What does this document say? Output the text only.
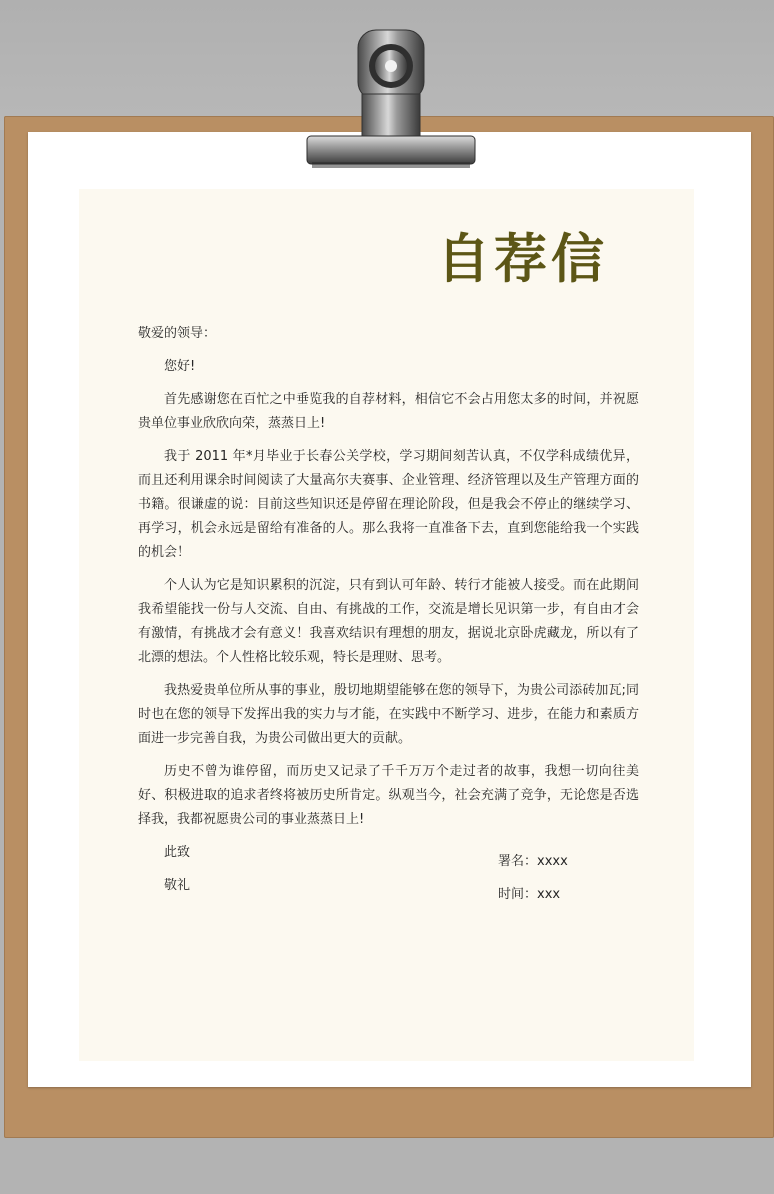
自荐信

敬爱的领导：

您好!

首先感谢您在百忙之中垂览我的自荐材料，相信它不会占用您太多的时间，并祝愿贵单位事业欣欣向荣，蒸蒸日上!

我于 2011 年*月毕业于长春公关学校，学习期间刻苦认真，不仅学科成绩优异，而且还利用课余时间阅读了大量高尔夫赛事、企业管理、经济管理以及生产管理方面的书籍。很谦虚的说：目前这些知识还是停留在理论阶段，但是我会不停止的继续学习、再学习，机会永远是留给有准备的人。那么我将一直准备下去，直到您能给我一个实践的机会！

个人认为它是知识累积的沉淀，只有到认可年龄、转行才能被人接受。而在此期间我希望能找一份与人交流、自由、有挑战的工作，交流是增长见识第一步，有自由才会有激情，有挑战才会有意义！我喜欢结识有理想的朋友，据说北京卧虎藏龙，所以有了北漂的想法。个人性格比较乐观，特长是理财、思考。

我热爱贵单位所从事的事业，殷切地期望能够在您的领导下，为贵公司添砖加瓦;同时也在您的领导下发挥出我的实力与才能，在实践中不断学习、进步，在能力和素质方面进一步完善自我，为贵公司做出更大的贡献。

历史不曾为谁停留，而历史又记录了千千万万个走过者的故事，我想一切向往美好、积极进取的追求者终将被历史所肯定。纵观当今，社会充满了竞争，无论您是否选择我，我都祝愿贵公司的事业蒸蒸日上!

此致

敬礼

署名：xxxx
时间：xxx
